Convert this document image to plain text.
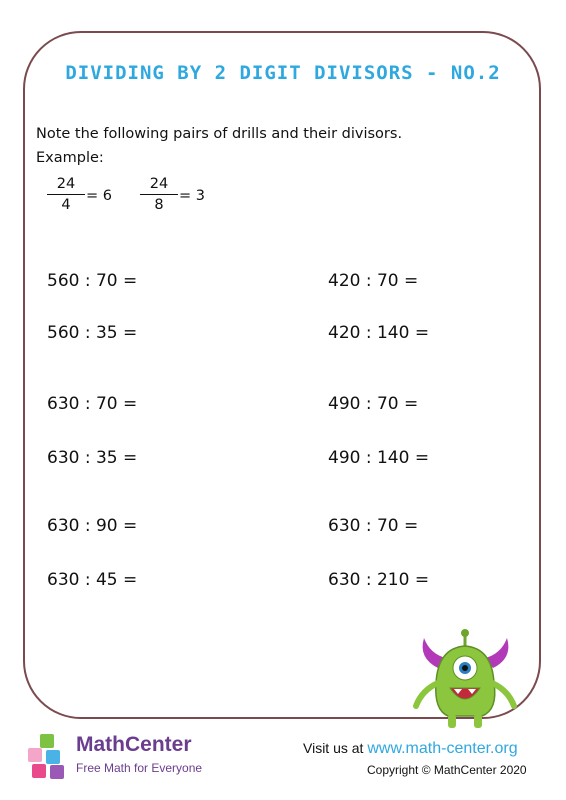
DIVIDING BY 2 DIGIT DIVISORS - NO.2
Note the following pairs of drills and their divisors.
Example:
24
4
= 6
24
8
= 3
560 : 70 =	420 : 70 =
560 : 35 =	420 : 140 =
630 : 70 =	490 : 70 =
630 : 35 =	490 : 140 =
630 : 90 =	630 : 70 =
630 : 45 =	630 : 210 =
MathCenter
Free Math for Everyone
Visit us at www.math-center.org
Copyright © MathCenter 2020
